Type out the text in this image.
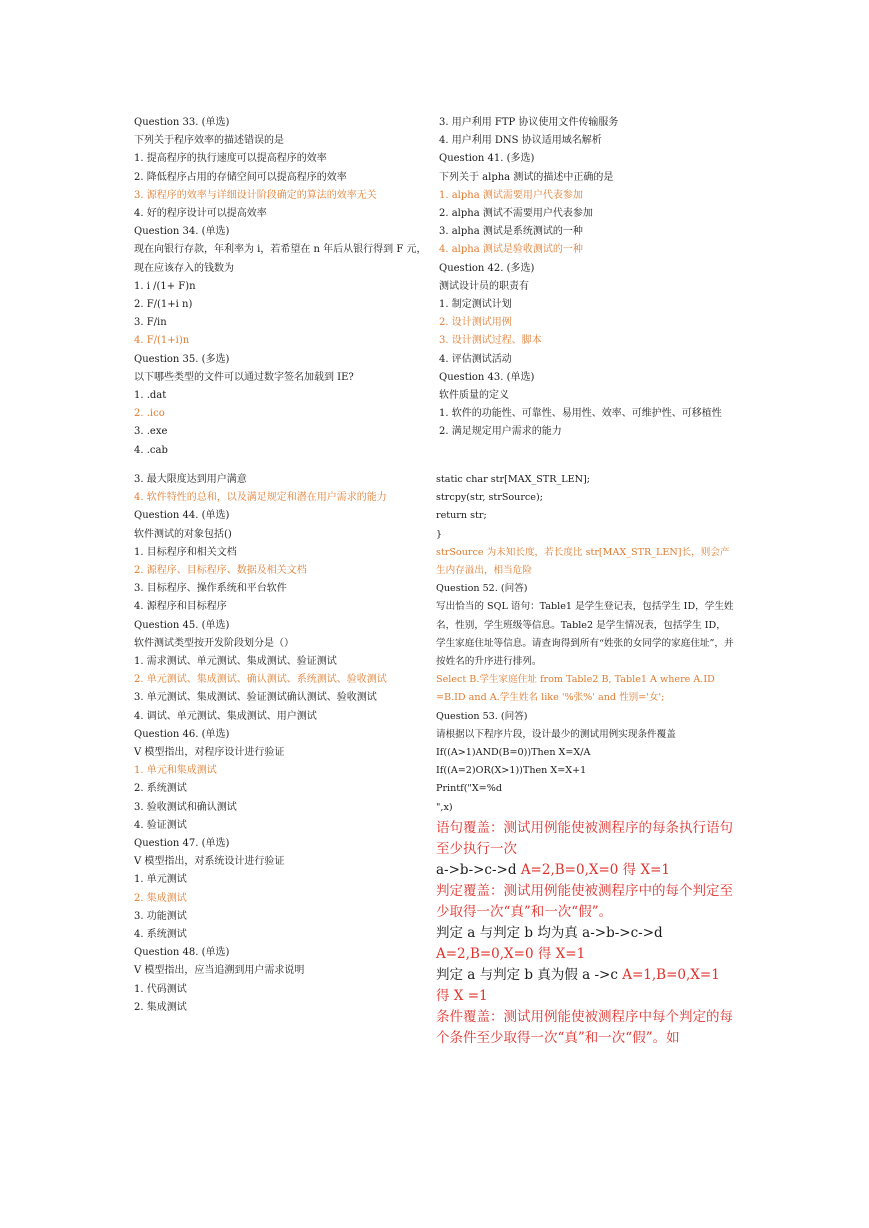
Question 33. (单选)
下列关于程序效率的描述错误的是
1. 提高程序的执行速度可以提高程序的效率
2. 降低程序占用的存储空间可以提高程序的效率
3. 源程序的效率与详细设计阶段确定的算法的效率无关
4. 好的程序设计可以提高效率
Question 34. (单选)
现在向银行存款，年利率为 i，若希望在 n 年后从银行得到 F 元，
现在应该存入的钱数为
1. i /(1+ F)n
2. F/(1+i n)
3. F/in
4. F/(1+i)n
Question 35. (多选)
以下哪些类型的文件可以通过数字签名加载到 IE?
1. .dat
2. .ico
3. .exe
4. .cab
3. 用户利用 FTP 协议使用文件传输服务
4. 用户利用 DNS 协议适用域名解析
Question 41. (多选)
下列关于 alpha 测试的描述中正确的是
1. alpha 测试需要用户代表参加
2. alpha 测试不需要用户代表参加
3. alpha 测试是系统测试的一种
4. alpha 测试是验收测试的一种
Question 42. (多选)
测试设计员的职责有
1. 制定测试计划
2. 设计测试用例
3. 设计测试过程、脚本
4. 评估测试活动
Question 43. (单选)
软件质量的定义
1. 软件的功能性、可靠性、易用性、效率、可维护性、可移植性
2. 满足规定用户需求的能力
3. 最大限度达到用户满意
4. 软件特性的总和，以及满足规定和潜在用户需求的能力
Question 44. (单选)
软件测试的对象包括()
1. 目标程序和相关文档
2. 源程序、目标程序、数据及相关文档
3. 目标程序、操作系统和平台软件
4. 源程序和目标程序
Question 45. (单选)
软件测试类型按开发阶段划分是（）
1. 需求测试、单元测试、集成测试、验证测试
2. 单元测试、集成测试、确认测试、系统测试、验收测试
3. 单元测试、集成测试、验证测试确认测试、验收测试
4. 调试、单元测试、集成测试、用户测试
Question 46. (单选)
V 模型指出，对程序设计进行验证
1. 单元和集成测试
2. 系统测试
3. 验收测试和确认测试
4. 验证测试
Question 47. (单选)
V 模型指出，对系统设计进行验证
1. 单元测试
2. 集成测试
3. 功能测试
4. 系统测试
Question 48. (单选)
V 模型指出，应当追溯到用户需求说明
1. 代码测试
2. 集成测试
static char str[MAX_STR_LEN];
strcpy(str, strSource);
return str;
}
strSource 为未知长度，若长度比 str[MAX_STR_LEN]长，则会产生内存溢出，相当危险
Question 52. (问答)
写出恰当的 SQL 语句：Table1 是学生登记表，包括学生 ID，学生姓名，性别，学生班级等信息。Table2 是学生情况表，包括学生 ID，学生家庭住址等信息。请查询得到所有“姓张的女同学的家庭住址”，并按姓名的升序进行排列。
Select B.学生家庭住址 from Table2 B, Table1 A where A.ID =B.ID and A.学生姓名 like '%张%' and 性别='女';
Question 53. (问答)
请根据以下程序片段，设计最少的测试用例实现条件覆盖
If((A>1)AND(B=0))Then X=X/A
If((A=2)OR(X>1))Then X=X+1
Printf("X=%d
",x)
语句覆盖：测试用例能使被测程序的每条执行语句至少执行一次
a->b->c->d A=2,B=0,X=0 得 X=1
判定覆盖：测试用例能使被测程序中的每个判定至少取得一次“真”和一次“假”。
判定 a 与判定 b 均为真 a->b->c->d A=2,B=0,X=0 得 X=1
判定 a 与判定 b 真为假 a ->c A=1,B=0,X=1 得 X =1
条件覆盖：测试用例能使被测程序中每个判定的每个条件至少取得一次“真”和一次“假”。如
